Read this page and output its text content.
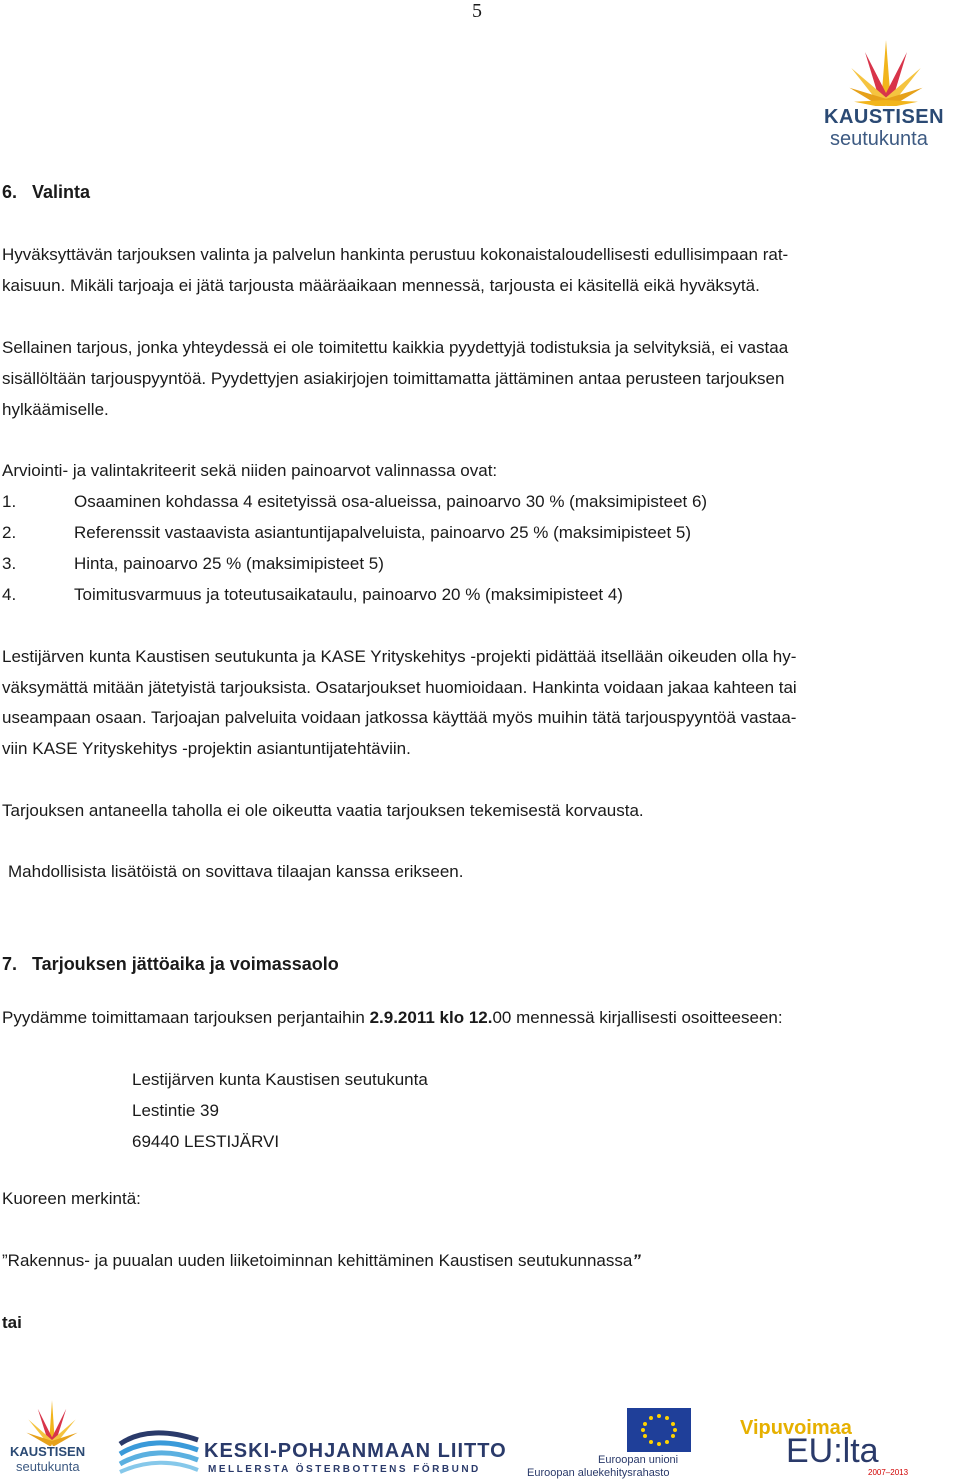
5
KAUSTISEN
seutukunta
6.   Valinta
Hyväksyttävän tarjouksen valinta ja palvelun hankinta perustuu kokonaistaloudellisesti edullisimpaan rat-
kaisuun. Mikäli tarjoaja ei jätä tarjousta määräaikaan mennessä, tarjousta ei käsitellä eikä hyväksytä.
Sellainen tarjous, jonka yhteydessä ei ole toimitettu kaikkia pyydettyjä todistuksia ja selvityksiä, ei vastaa
sisällöltään tarjouspyyntöä. Pyydettyjen asiakirjojen toimittamatta jättäminen antaa perusteen tarjouksen
hylkäämiselle.
Arviointi- ja valintakriteerit sekä niiden painoarvot valinnassa ovat:
1.	Osaaminen kohdassa 4 esitetyissä osa-alueissa, painoarvo 30 % (maksimipisteet 6)
2.	Referenssit vastaavista asiantuntijapalveluista, painoarvo 25 % (maksimipisteet 5)
3.	Hinta, painoarvo 25 % (maksimipisteet 5)
4.	Toimitusvarmuus ja toteutusaikataulu, painoarvo 20 % (maksimipisteet 4)
Lestijärven kunta Kaustisen seutukunta ja KASE Yrityskehitys -projekti pidättää itsellään oikeuden olla hy-
väksymättä mitään jätetyistä tarjouksista. Osatarjoukset huomioidaan. Hankinta voidaan jakaa kahteen tai
useampaan osaan. Tarjoajan palveluita voidaan jatkossa käyttää myös muihin tätä tarjouspyyntöä vastaa-
viin KASE Yrityskehitys -projektin asiantuntijatehtäviin.
Tarjouksen antaneella taholla ei ole oikeutta vaatia tarjouksen tekemisestä korvausta.
Mahdollisista lisätöistä on sovittava tilaajan kanssa erikseen.
7.   Tarjouksen jättöaika ja voimassaolo
Pyydämme toimittamaan tarjouksen perjantaihin 2.9.2011 klo 12.00 mennessä kirjallisesti osoitteeseen:
Lestijärven kunta Kaustisen seutukunta
Lestintie 39
69440 LESTIJÄRVI
Kuoreen merkintä:
”Rakennus- ja puualan uuden liiketoiminnan kehittäminen Kaustisen seutukunnassa”
tai
KAUSTISEN
seutukunta
KESKI-POHJANMAAN LIITTO
MELLERSTA ÖSTERBOTTENS FÖRBUND
Euroopan unioni
Euroopan aluekehitysrahasto
Vipuvoimaa
EU:lta
2007–2013
